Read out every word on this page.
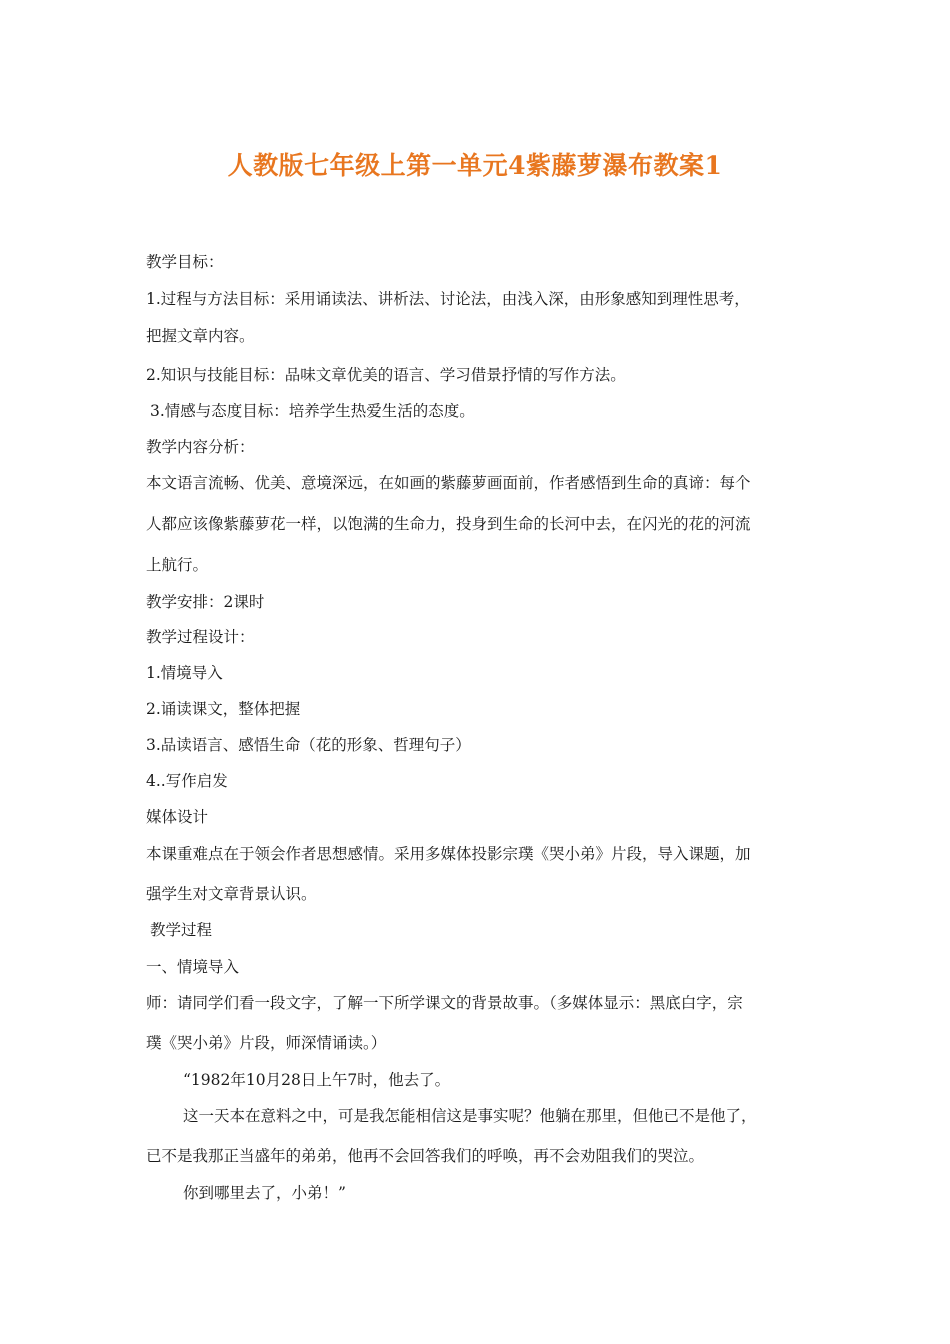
人教版七年级上第一单元4紫藤萝瀑布教案1
教学目标：
1.过程与方法目标：采用诵读法、讲析法、讨论法，由浅入深，由形象感知到理性思考，
把握文章内容。
2.知识与技能目标：品味文章优美的语言、学习借景抒情的写作方法。
3.情感与态度目标：培养学生热爱生活的态度。
教学内容分析：
本文语言流畅、优美、意境深远，在如画的紫藤萝画面前，作者感悟到生命的真谛：每个
人都应该像紫藤萝花一样，以饱满的生命力，投身到生命的长河中去，在闪光的花的河流
上航行。
教学安排：2课时
教学过程设计：
1.情境导入
2.诵读课文，整体把握
3.品读语言、感悟生命（花的形象、哲理句子）
4..写作启发
媒体设计
本课重难点在于领会作者思想感情。采用多媒体投影宗璞《哭小弟》片段，导入课题，加
强学生对文章背景认识。
教学过程
一、情境导入
师：请同学们看一段文字，了解一下所学课文的背景故事。（多媒体显示：黑底白字，宗
璞《哭小弟》片段，师深情诵读。）
“1982年10月28日上午7时，他去了。
这一天本在意料之中，可是我怎能相信这是事实呢？他躺在那里，但他已不是他了，
已不是我那正当盛年的弟弟，他再不会回答我们的呼唤，再不会劝阻我们的哭泣。
你到哪里去了，小弟！”
